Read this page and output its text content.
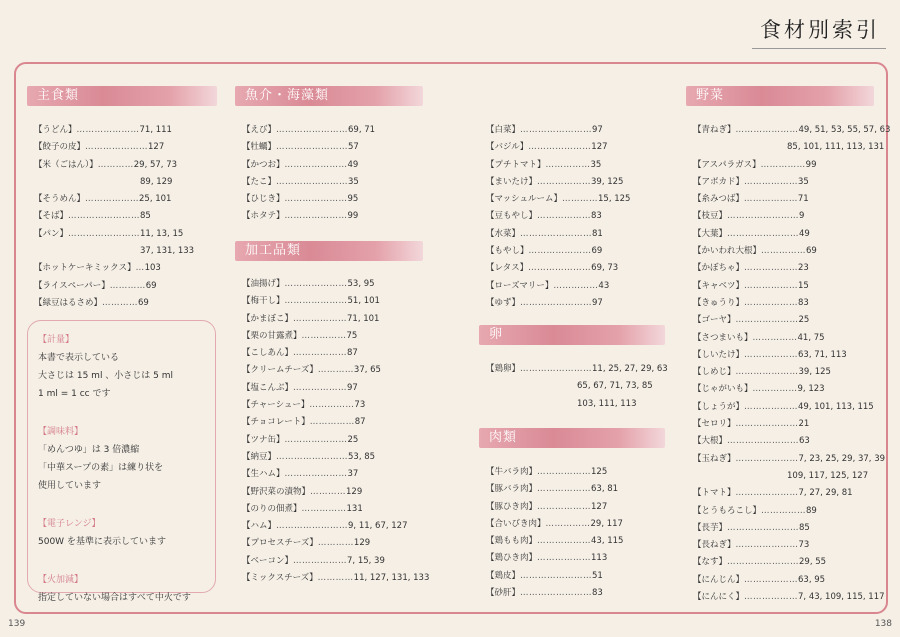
食材別索引
主食類	魚介・海藻類
加工品類
卵
肉類
野菜
【うどん】…………………71, 111
【餃子の皮】…………………127
【米（ごはん）】…………29, 57, 73
89, 129
【そうめん】………………25, 101
【そば】……………………85
【パン】……………………11, 13, 15
37, 131, 133
【ホットケーキミックス】…103
【ライスペーパー】…………69
【緑豆はるさめ】…………69
【えび】……………………69, 71
【牡蠣】……………………57
【かつお】…………………49
【たこ】……………………35
【ひじき】…………………95
【ホタテ】…………………99
【油揚げ】…………………53, 95
【梅干し】…………………51, 101
【かまぼこ】………………71, 101
【栗の甘露煮】……………75
【こしあん】………………87
【クリームチーズ】…………37, 65
【塩こんぶ】………………97
【チャーシュー】……………73
【チョコレート】……………87
【ツナ缶】…………………25
【納豆】……………………53, 85
【生ハム】…………………37
【野沢菜の漬物】…………129
【のりの佃煮】……………131
【ハム】……………………9, 11, 67, 127
【プロセスチーズ】…………129
【ベーコン】………………7, 15, 39
【ミックスチーズ】…………11, 127, 131, 133
【白菜】……………………97
【バジル】…………………127
【プチトマト】……………35
【まいたけ】………………39, 125
【マッシュルーム】…………15, 125
【豆もやし】………………83
【水菜】……………………81
【もやし】…………………69
【レタス】…………………69, 73
【ローズマリー】……………43
【ゆず】……………………97
【鶏卵】……………………11, 25, 27, 29, 63
65, 67, 71, 73, 85
103, 111, 113
【牛バラ肉】………………125
【豚バラ肉】………………63, 81
【豚ひき肉】………………127
【合いびき肉】……………29, 117
【鶏もも肉】………………43, 115
【鶏ひき肉】………………113
【鶏皮】……………………51
【砂肝】……………………83
【青ねぎ】…………………49, 51, 53, 55, 57, 63
85, 101, 111, 113, 131
【アスパラガス】……………99
【アボカド】………………35
【糸みつば】………………71
【枝豆】……………………9
【大葉】……………………49
【かいわれ大根】……………69
【かぼちゃ】………………23
【キャベツ】………………15
【きゅうり】………………83
【ゴーヤ】…………………25
【さつまいも】……………41, 75
【しいたけ】………………63, 71, 113
【しめじ】…………………39, 125
【じゃがいも】……………9, 123
【しょうが】………………49, 101, 113, 115
【セロリ】…………………21
【大根】……………………63
【玉ねぎ】…………………7, 23, 25, 29, 37, 39
109, 117, 125, 127
【トマト】…………………7, 27, 29, 81
【とうもろこし】……………89
【長芋】……………………85
【長ねぎ】…………………73
【なす】……………………29, 55
【にんじん】………………63, 95
【にんにく】………………7, 43, 109, 115, 117
【計量】
本書で表示している
大さじは 15 ml 、小さじは 5 ml
1 ml = 1 cc です
【調味料】
「めんつゆ」は 3 倍濃縮
「中華スープの素」は練り状を
使用しています
【電子レンジ】
500W を基準に表示しています
【火加減】
指定していない場合はすべて中火です
139	138
